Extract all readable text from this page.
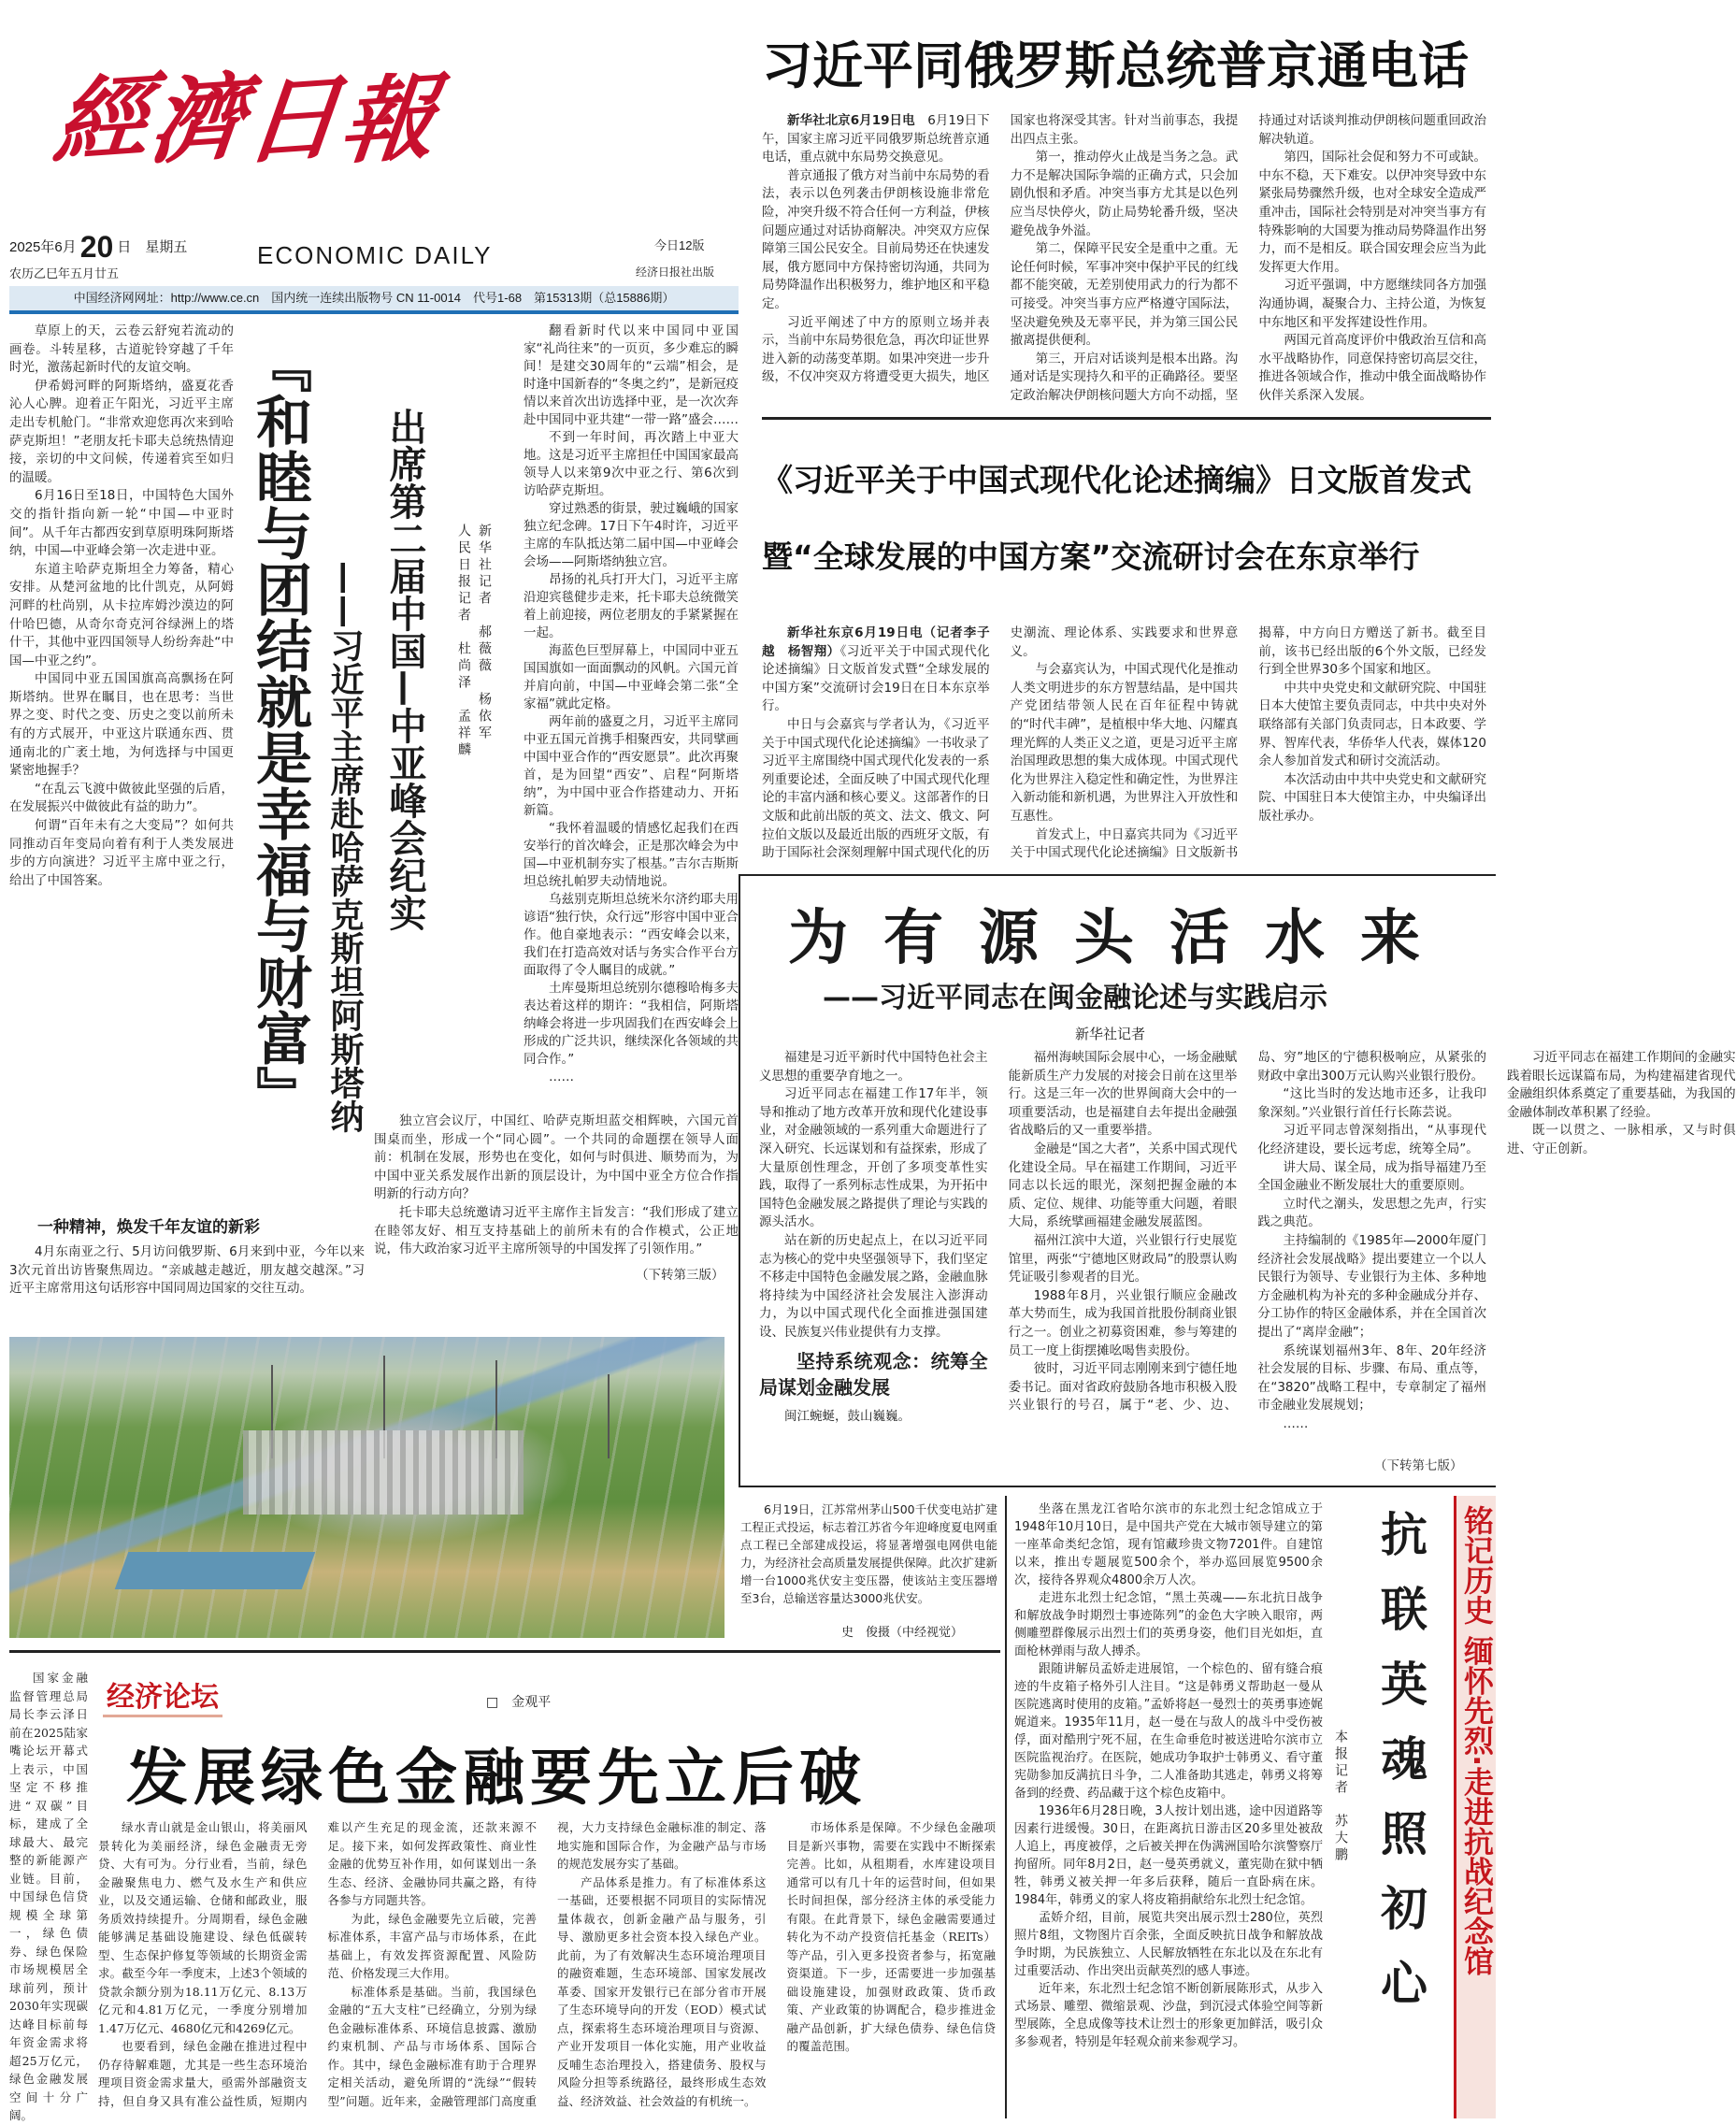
經
濟
日
報
2025年6月 20 日　星期五
农历乙巳年五月廿五
ECONOMIC DAILY	今日12版
经济日报社出版
中国经济网网址：http://www.ce.cn　国内统一连续出版物号 CN 11-0014　代号1-68　第15313期（总15886期）
习近平同俄罗斯总统普京通电话

新华社北京6月19日电　 6月19日下午，国家主席习近平同俄罗斯总统普京通电话，重点就中东局势交换意见。

普京通报了俄方对当前中东局势的看法，表示以色列袭击伊朗核设施非常危险，冲突升级不符合任何一方利益，伊核问题应通过对话协商解决。冲突双方应保障第三国公民安全。目前局势还在快速发展，俄方愿同中方保持密切沟通，共同为局势降温作出积极努力，维护地区和平稳定。

习近平阐述了中方的原则立场并表示，当前中东局势很危急，再次印证世界进入新的动荡变革期。如果冲突进一步升级，不仅冲突双方将遭受更大损失，地区国家也将深受其害。针对当前事态，我提出四点主张。

第一，推动停火止战是当务之急。武力不是解决国际争端的正确方式，只会加剧仇恨和矛盾。冲突当事方尤其是以色列应当尽快停火，防止局势轮番升级，坚决避免战争外溢。

第二，保障平民安全是重中之重。无论任何时候，军事冲突中保护平民的红线都不能突破，无差别使用武力的行为都不可接受。冲突当事方应严格遵守国际法，坚决避免殃及无辜平民，并为第三国公民撤离提供便利。

第三，开启对话谈判是根本出路。沟通对话是实现持久和平的正确路径。要坚定政治解决伊朗核问题大方向不动摇，坚持通过对话谈判推动伊朗核问题重回政治解决轨道。

第四，国际社会促和努力不可或缺。中东不稳，天下难安。以伊冲突导致中东紧张局势骤然升级，也对全球安全造成严重冲击，国际社会特别是对冲突当事方有特殊影响的大国要为推动局势降温作出努力，而不是相反。联合国安理会应当为此发挥更大作用。

习近平强调，中方愿继续同各方加强沟通协调，凝聚合力、主持公道，为恢复中东地区和平发挥建设性作用。

两国元首高度评价中俄政治互信和高水平战略协作，同意保持密切高层交往，推进各领域合作，推动中俄全面战略协作伙伴关系深入发展。

《习近平关于中国式现代化论述摘编》日文版首发式
暨“全球发展的中国方案”交流研讨会在东京举行

新华社东京6月19日电（记者李子越　杨智翔）《习近平关于中国式现代化论述摘编》日文版首发式暨“全球发展的中国方案”交流研讨会19日在日本东京举行。

中日与会嘉宾与学者认为，《习近平关于中国式现代化论述摘编》一书收录了习近平主席围绕中国式现代化发表的一系列重要论述，全面反映了中国式现代化理论的丰富内涵和核心要义。这部著作的日文版和此前出版的英文、法文、俄文、阿拉伯文版以及最近出版的西班牙文版，有助于国际社会深刻理解中国式现代化的历史潮流、理论体系、实践要求和世界意义。

与会嘉宾认为，中国式现代化是推动人类文明进步的东方智慧结晶，是中国共产党团结带领人民在百年征程中铸就的“时代丰碑”，是植根中华大地、闪耀真理光辉的人类正义之道，更是习近平主席治国理政思想的集大成体现。中国式现代化为世界注入稳定性和确定性，为世界注入新动能和新机遇，为世界注入开放性和互惠性。

首发式上，中日嘉宾共同为《习近平关于中国式现代化论述摘编》日文版新书揭幕，中方向日方赠送了新书。截至目前，该书已经出版的6个外文版，已经发行到全世界30多个国家和地区。

中共中央党史和文献研究院、中国驻日本大使馆主要负责同志，中共中央对外联络部有关部门负责同志，日本政要、学界、智库代表，华侨华人代表，媒体120余人参加首发式和研讨交流活动。

本次活动由中共中央党史和文献研究院、中国驻日本大使馆主办，中央编译出版社承办。

为有源头活水来
——习近平同志在闽金融论述与实践启示
新华社记者

福建是习近平新时代中国特色社会主义思想的重要孕育地之一。

习近平同志在福建工作17年半，领导和推动了地方改革开放和现代化建设事业，对金融领域的一系列重大命题进行了深入研究、长远谋划和有益探索，形成了大量原创性理念，开创了多项变革性实践，取得了一系列标志性成果，为开拓中国特色金融发展之路提供了理论与实践的源头活水。

站在新的历史起点上，在以习近平同志为核心的党中央坚强领导下，我们坚定不移走中国特色金融发展之路，金融血脉将持续为中国经济社会发展注入澎湃动力，为以中国式现代化全面推进强国建设、民族复兴伟业提供有力支撑。

坚持系统观念：统筹全局谋划金融发展

闽江蜿蜒，鼓山巍巍。

福州海峡国际会展中心，一场金融赋能新质生产力发展的对接会日前在这里举行。这是三年一次的世界闽商大会中的一项重要活动，也是福建自去年提出金融强省战略后的又一重要举措。

金融是“国之大者”，关系中国式现代化建设全局。早在福建工作期间，习近平同志以长远的眼光，深刻把握金融的本质、定位、规律、功能等重大问题，着眼大局，系统擘画福建金融发展蓝图。

福州江滨中大道，兴业银行行史展览馆里，两张“宁德地区财政局”的股票认购凭证吸引参观者的目光。

1988年8月，兴业银行顺应金融改革大势而生，成为我国首批股份制商业银行之一。创业之初募资困难，参与筹建的员工一度上街摆摊吆喝售卖股份。

彼时，习近平同志刚刚来到宁德任地委书记。面对省政府鼓励各地市积极入股兴业银行的号召，属于“老、少、边、岛、穷”地区的宁德积极响应，从紧张的财政中拿出300万元认购兴业银行股份。

“这比当时的发达地市还多，让我印象深刻。”兴业银行首任行长陈芸说。

习近平同志曾深刻指出，“从事现代化经济建设，要长远考虑，统筹全局”。

讲大局、谋全局，成为指导福建乃至全国金融业不断发展壮大的重要原则。

立时代之潮头，发思想之先声，行实践之典范。

主持编制的《1985年—2000年厦门经济社会发展战略》提出要建立一个以人民银行为领导、专业银行为主体、多种地方金融机构为补充的多种金融成分并存、分工协作的特区金融体系，并在全国首次提出了“离岸金融”；

系统谋划福州3年、8年、20年经济社会发展的目标、步骤、布局、重点等，在“3820”战略工程中，专章制定了福州市金融业发展规划；

……

习近平同志在福建工作期间的金融实践着眼长远谋篇布局，为构建福建省现代金融组织体系奠定了重要基础，为我国的金融体制改革积累了经验。

既一以贯之、一脉相承，又与时俱进、守正创新。

（下转第七版）

草原上的天，云卷云舒宛若流动的画卷。斗转星移，古道驼铃穿越了千年时光，激荡起新时代的友谊交响。

伊希姆河畔的阿斯塔纳，盛夏花香沁人心脾。迎着正午阳光，习近平主席走出专机舱门。“非常欢迎您再次来到哈萨克斯坦！”老朋友托卡耶夫总统热情迎接，亲切的中文问候，传递着宾至如归的温暖。

6月16日至18日，中国特色大国外交的指针指向新一轮“中国—中亚时间”。从千年古都西安到草原明珠阿斯塔纳，中国—中亚峰会第一次走进中亚。

东道主哈萨克斯坦全力筹备，精心安排。从楚河盆地的比什凯克，从阿姆河畔的杜尚别，从卡拉库姆沙漠边的阿什哈巴德，从奇尔奇克河谷绿洲上的塔什干，其他中亚四国领导人纷纷奔赴“中国—中亚之约”。

中国同中亚五国国旗高高飘扬在阿斯塔纳。世界在瞩目，也在思考：当世界之变、时代之变、历史之变以前所未有的方式展开，中亚这片联通东西、贯通南北的广袤土地，为何选择与中国更紧密地握手？

“在乱云飞渡中做彼此坚强的后盾，在发展振兴中做彼此有益的助力”。

何谓“百年未有之大变局”？如何共同推动百年变局向着有利于人类发展进步的方向演进？习近平主席中亚之行，给出了中国答案。	『和睦与团结就是幸福与财富』 ——习近平主席赴哈萨克斯坦阿斯塔纳 出席第二届中国—中亚峰会纪实	新华社记者　郝薇薇　杨依军
人民日报记者　杜尚泽　孟祥麟

翻看新时代以来中国同中亚国家“礼尚往来”的一页页，多少难忘的瞬间！是建交30周年的“云端”相会，是时逢中国新春的“冬奥之约”，是新冠疫情以来首次出访选择中亚，是一次次奔赴中国同中亚共建“一带一路”盛会……

不到一年时间，再次踏上中亚大地。这是习近平主席担任中国国家最高领导人以来第9次中亚之行、第6次到访哈萨克斯坦。

穿过熟悉的街景，驶过巍峨的国家独立纪念碑。17日下午4时许，习近平主席的车队抵达第二届中国—中亚峰会会场——阿斯塔纳独立宫。

昂扬的礼兵打开大门，习近平主席沿迎宾毯健步走来，托卡耶夫总统微笑着上前迎接，两位老朋友的手紧紧握在一起。

海蓝色巨型屏幕上，中国同中亚五国国旗如一面面飘动的风帆。六国元首并肩向前，中国—中亚峰会第二张“全家福”就此定格。

两年前的盛夏之月，习近平主席同中亚五国元首携手相聚西安，共同擘画中国中亚合作的“西安愿景”。此次再聚首，是为回望“西安”、启程“阿斯塔纳”，为中国中亚合作搭建动力、开拓新篇。

“我怀着温暖的情感忆起我们在西安举行的首次峰会，正是那次峰会为中国—中亚机制夯实了根基。”吉尔吉斯斯坦总统扎帕罗夫动情地说。

乌兹别克斯坦总统米尔济约耶夫用谚语“独行快，众行远”形容中国中亚合作。他自豪地表示：“西安峰会以来，我们在打造高效对话与务实合作平台方面取得了令人瞩目的成就。”

土库曼斯坦总统别尔德穆哈梅多夫表达着这样的期许：“我相信，阿斯塔纳峰会将进一步巩固我们在西安峰会上形成的广泛共识，继续深化各领域的共同合作。”

……

独立宫会议厅，中国红、哈萨克斯坦蓝交相辉映，六国元首围桌而坐，形成一个“同心圆”。一个共同的命题摆在领导人面前：机制在发展，形势也在变化，如何与时俱进、顺势而为，为中国中亚关系发展作出新的顶层设计，为中国中亚全方位合作指明新的行动方向？

托卡耶夫总统邀请习近平主席作主旨发言：“我们形成了建立在睦邻友好、相互支持基础上的前所未有的合作模式，公正地说，伟大政治家习近平主席所领导的中国发挥了引领作用。”

（下转第三版）
一种精神，焕发千年友谊的新彩

4月东南亚之行、5月访问俄罗斯、6月来到中亚，今年以来3次元首出访皆聚焦周边。“亲戚越走越近，朋友越交越深。”习近平主席常用这句话形容中国同周边国家的交往互动。

6月19日，江苏常州茅山500千伏变电站扩建工程正式投运，标志着江苏省今年迎峰度夏电网重点工程已全部建成投运，将显著增强电网供电能力，为经济社会高质量发展提供保障。此次扩建新增一台1000兆伏安主变压器，使该站主变压器增至3台，总输送容量达3000兆伏安。

史　俊摄（中经视觉）

坐落在黑龙江省哈尔滨市的东北烈士纪念馆成立于1948年10月10日，是中国共产党在大城市领导建立的第一座革命类纪念馆，现有馆藏珍贵文物7201件。自建馆以来，推出专题展览500余个，举办巡回展览9500余次，接待各界观众4800余万人次。

走进东北烈士纪念馆，“黑土英魂——东北抗日战争和解放战争时期烈士事迹陈列”的金色大字映入眼帘，两侧雕塑群像展示出烈士们的英勇身姿，他们目光如炬，直面枪林弹雨与敌人搏杀。

跟随讲解员孟娇走进展馆，一个棕色的、留有缝合痕迹的牛皮箱子格外引人注目。“这是韩勇义帮助赵一曼从医院逃离时使用的皮箱。”孟娇将赵一曼烈士的英勇事迹娓娓道来。1935年11月，赵一曼在与敌人的战斗中受伤被俘，面对酷刑宁死不屈，在生命垂危时被送进哈尔滨市立医院监视治疗。在医院，她成功争取护士韩勇义、看守董宪勋参加反满抗日斗争，二人准备助其逃走，韩勇义将筹备到的经费、药品藏于这个棕色皮箱中。

1936年6月28日晚，3人按计划出逃，途中因道路等因素行进缓慢。30日，在距离抗日游击区20多里处被敌人追上，再度被俘，之后被关押在伪满洲国哈尔滨警察厅拘留所。同年8月2日，赵一曼英勇就义，董宪勋在狱中牺牲，韩勇义被关押一年多后获释，随后一直卧病在床。1984年，韩勇义的家人将皮箱捐献给东北烈士纪念馆。

孟娇介绍，目前，展览共突出展示烈士280位，英烈照片8组，文物图片百余张，全面反映抗日战争和解放战争时期，为民族独立、人民解放牺牲在东北以及在东北有过重要活动、作出突出贡献英烈的感人事迹。

近年来，东北烈士纪念馆不断创新展陈形式，从步入式场景、雕塑、微缩景观、沙盘，到沉浸式体验空间等新型展陈，全息成像等技术让烈士的形象更加鲜活，吸引众多参观者，特别是年轻观众前来参观学习。

本报记者　苏大鹏 抗联英魂照初心 铭记历史 缅怀先烈·走进抗战纪念馆

国家金融监督管理总局局长李云泽日前在2025陆家嘴论坛开幕式上表示，中国坚定不移推进“双碳”目标，建成了全球最大、最完整的新能源产业链。目前，中国绿色信贷规模全球第一，绿色债券、绿色保险市场规模居全球前列，预计2030年实现碳达峰目标前每年资金需求将超25万亿元，绿色金融发展空间十分广阔。

经济论坛	□　金观平
发展绿色金融要先立后破

绿水青山就是金山银山，将美丽风景转化为美丽经济，绿色金融责无旁贷、大有可为。分行业看，当前，绿色金融聚焦电力、燃气及水生产和供应业，以及交通运输、仓储和邮政业，服务质效持续提升。分周期看，绿色金融能够满足基础设施建设、绿色低碳转型、生态保护修复等领域的长期资金需求。截至今年一季度末，上述3个领域的贷款余额分别为18.11万亿元、8.13万亿元和4.81万亿元，一季度分别增加1.47万亿元、4680亿元和4269亿元。

也要看到，绿色金融在推进过程中仍存待解难题，尤其是一些生态环境治理项目资金需求量大，亟需外部融资支持，但自身又具有准公益性质，短期内难以产生充足的现金流，还款来源不足。接下来，如何发挥政策性、商业性金融的优势互补作用，如何谋划出一条生态、经济、金融协同共赢之路，有待各参与方同题共答。

为此，绿色金融要先立后破，完善标准体系，丰富产品与市场体系，在此基础上，有效发挥资源配置、风险防范、价格发现三大作用。

标准体系是基础。当前，我国绿色金融的“五大支柱”已经确立，分别为绿色金融标准体系、环境信息披露、激励约束机制、产品与市场体系、国际合作。其中，绿色金融标准有助于合理界定相关活动，避免所谓的“洗绿”“假转型”问题。近年来，金融管理部门高度重视，大力支持绿色金融标准的制定、落地实施和国际合作，为金融产品与市场的规范发展夯实了基础。

产品体系是推力。有了标准体系这一基础，还要根据不同项目的实际情况量体裁衣，创新金融产品与服务，引导、激励更多社会资本投入绿色产业。此前，为了有效解决生态环境治理项目的融资难题，生态环境部、国家发展改革委、国家开发银行已在部分省市开展了生态环境导向的开发（EOD）模式试点，探索将生态环境治理项目与资源、产业开发项目一体化实施，用产业收益反哺生态治理投入，搭建债务、股权与风险分担等系统路径，最终形成生态效益、经济效益、社会效益的有机统一。

市场体系是保障。不少绿色金融项目是新兴事物，需要在实践中不断探索完善。比如，从租期看，水库建设项目通常可以有几十年的运营时间，但如果长时间担保，部分经济主体的承受能力有限。在此背景下，绿色金融需要通过转化为不动产投资信托基金（REITs）等产品，引入更多投资者参与，拓宽融资渠道。下一步，还需要进一步加强基础设施建设，加强财政政策、货币政策、产业政策的协调配合，稳步推进金融产品创新，扩大绿色债券、绿色信贷的覆盖范围。
